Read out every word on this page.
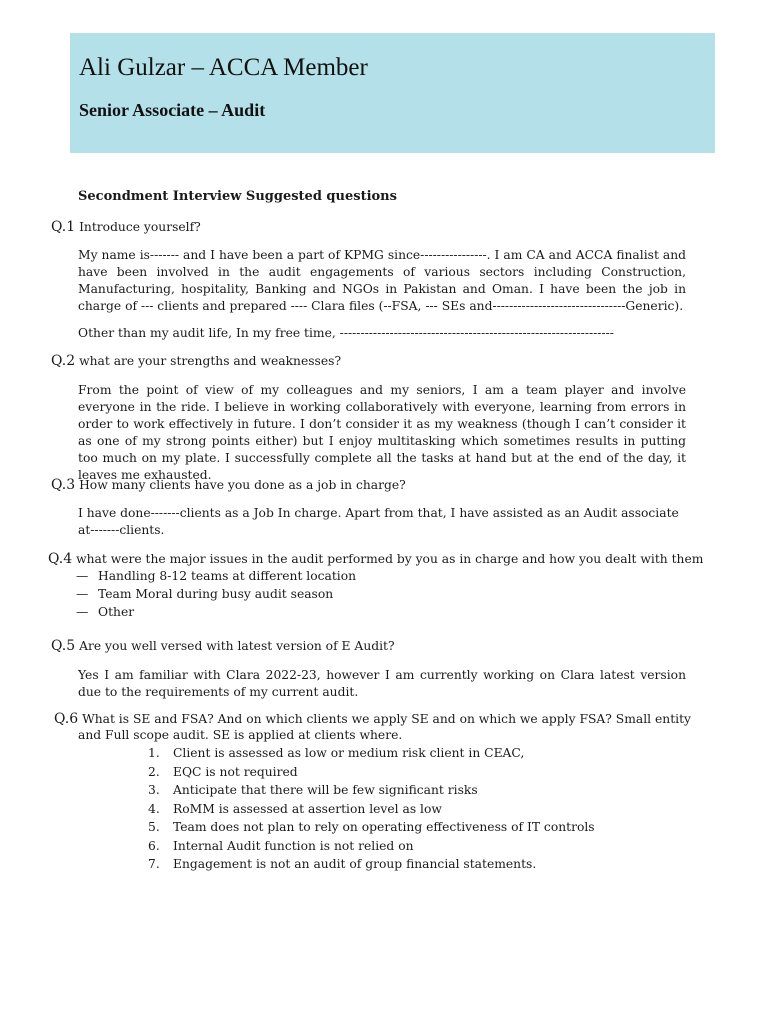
Ali Gulzar – ACCA Member
Senior Associate – Audit
Secondment Interview Suggested questions
Q.1 Introduce yourself?
My name is------- and I have been a part of KPMG since----------------. I am CA and ACCA finalist and have been involved in the audit engagements of various sectors including Construction, Manufacturing, hospitality, Banking and NGOs in Pakistan and Oman. I have been the job in charge of --- clients and prepared ---- Clara files (--FSA, --- SEs and--------------------------------Generic).
Other than my audit life, In my free time, ------------------------------------------------------------------
Q.2 what are your strengths and weaknesses?
From the point of view of my colleagues and my seniors, I am a team player and involve everyone in the ride. I believe in working collaboratively with everyone, learning from errors in order to work effectively in future. I don’t consider it as my weakness (though I can’t consider it as one of my strong points either) but I enjoy multitasking which sometimes results in putting too much on my plate. I successfully complete all the tasks at hand but at the end of the day, it leaves me exhausted.
Q.3 How many clients have you done as a job in charge?
I have done-------clients as a Job In charge. Apart from that, I have assisted as an Audit associate
at-------clients.
Q.4 what were the major issues in the audit performed by you as in charge and how you dealt with them
— Handling 8-12 teams at different location
— Team Moral during busy audit season
— Other
Q.5 Are you well versed with latest version of E Audit?
Yes I am familiar with Clara 2022-23, however I am currently working on Clara latest version due to the requirements of my current audit.
Q.6 What is SE and FSA? And on which clients we apply SE and on which we apply FSA? Small entity
and Full scope audit. SE is applied at clients where.
1. Client is assessed as low or medium risk client in CEAC,
2. EQC is not required
3. Anticipate that there will be few significant risks
4. RoMM is assessed at assertion level as low
5. Team does not plan to rely on operating effectiveness of IT controls
6. Internal Audit function is not relied on
7. Engagement is not an audit of group financial statements.
